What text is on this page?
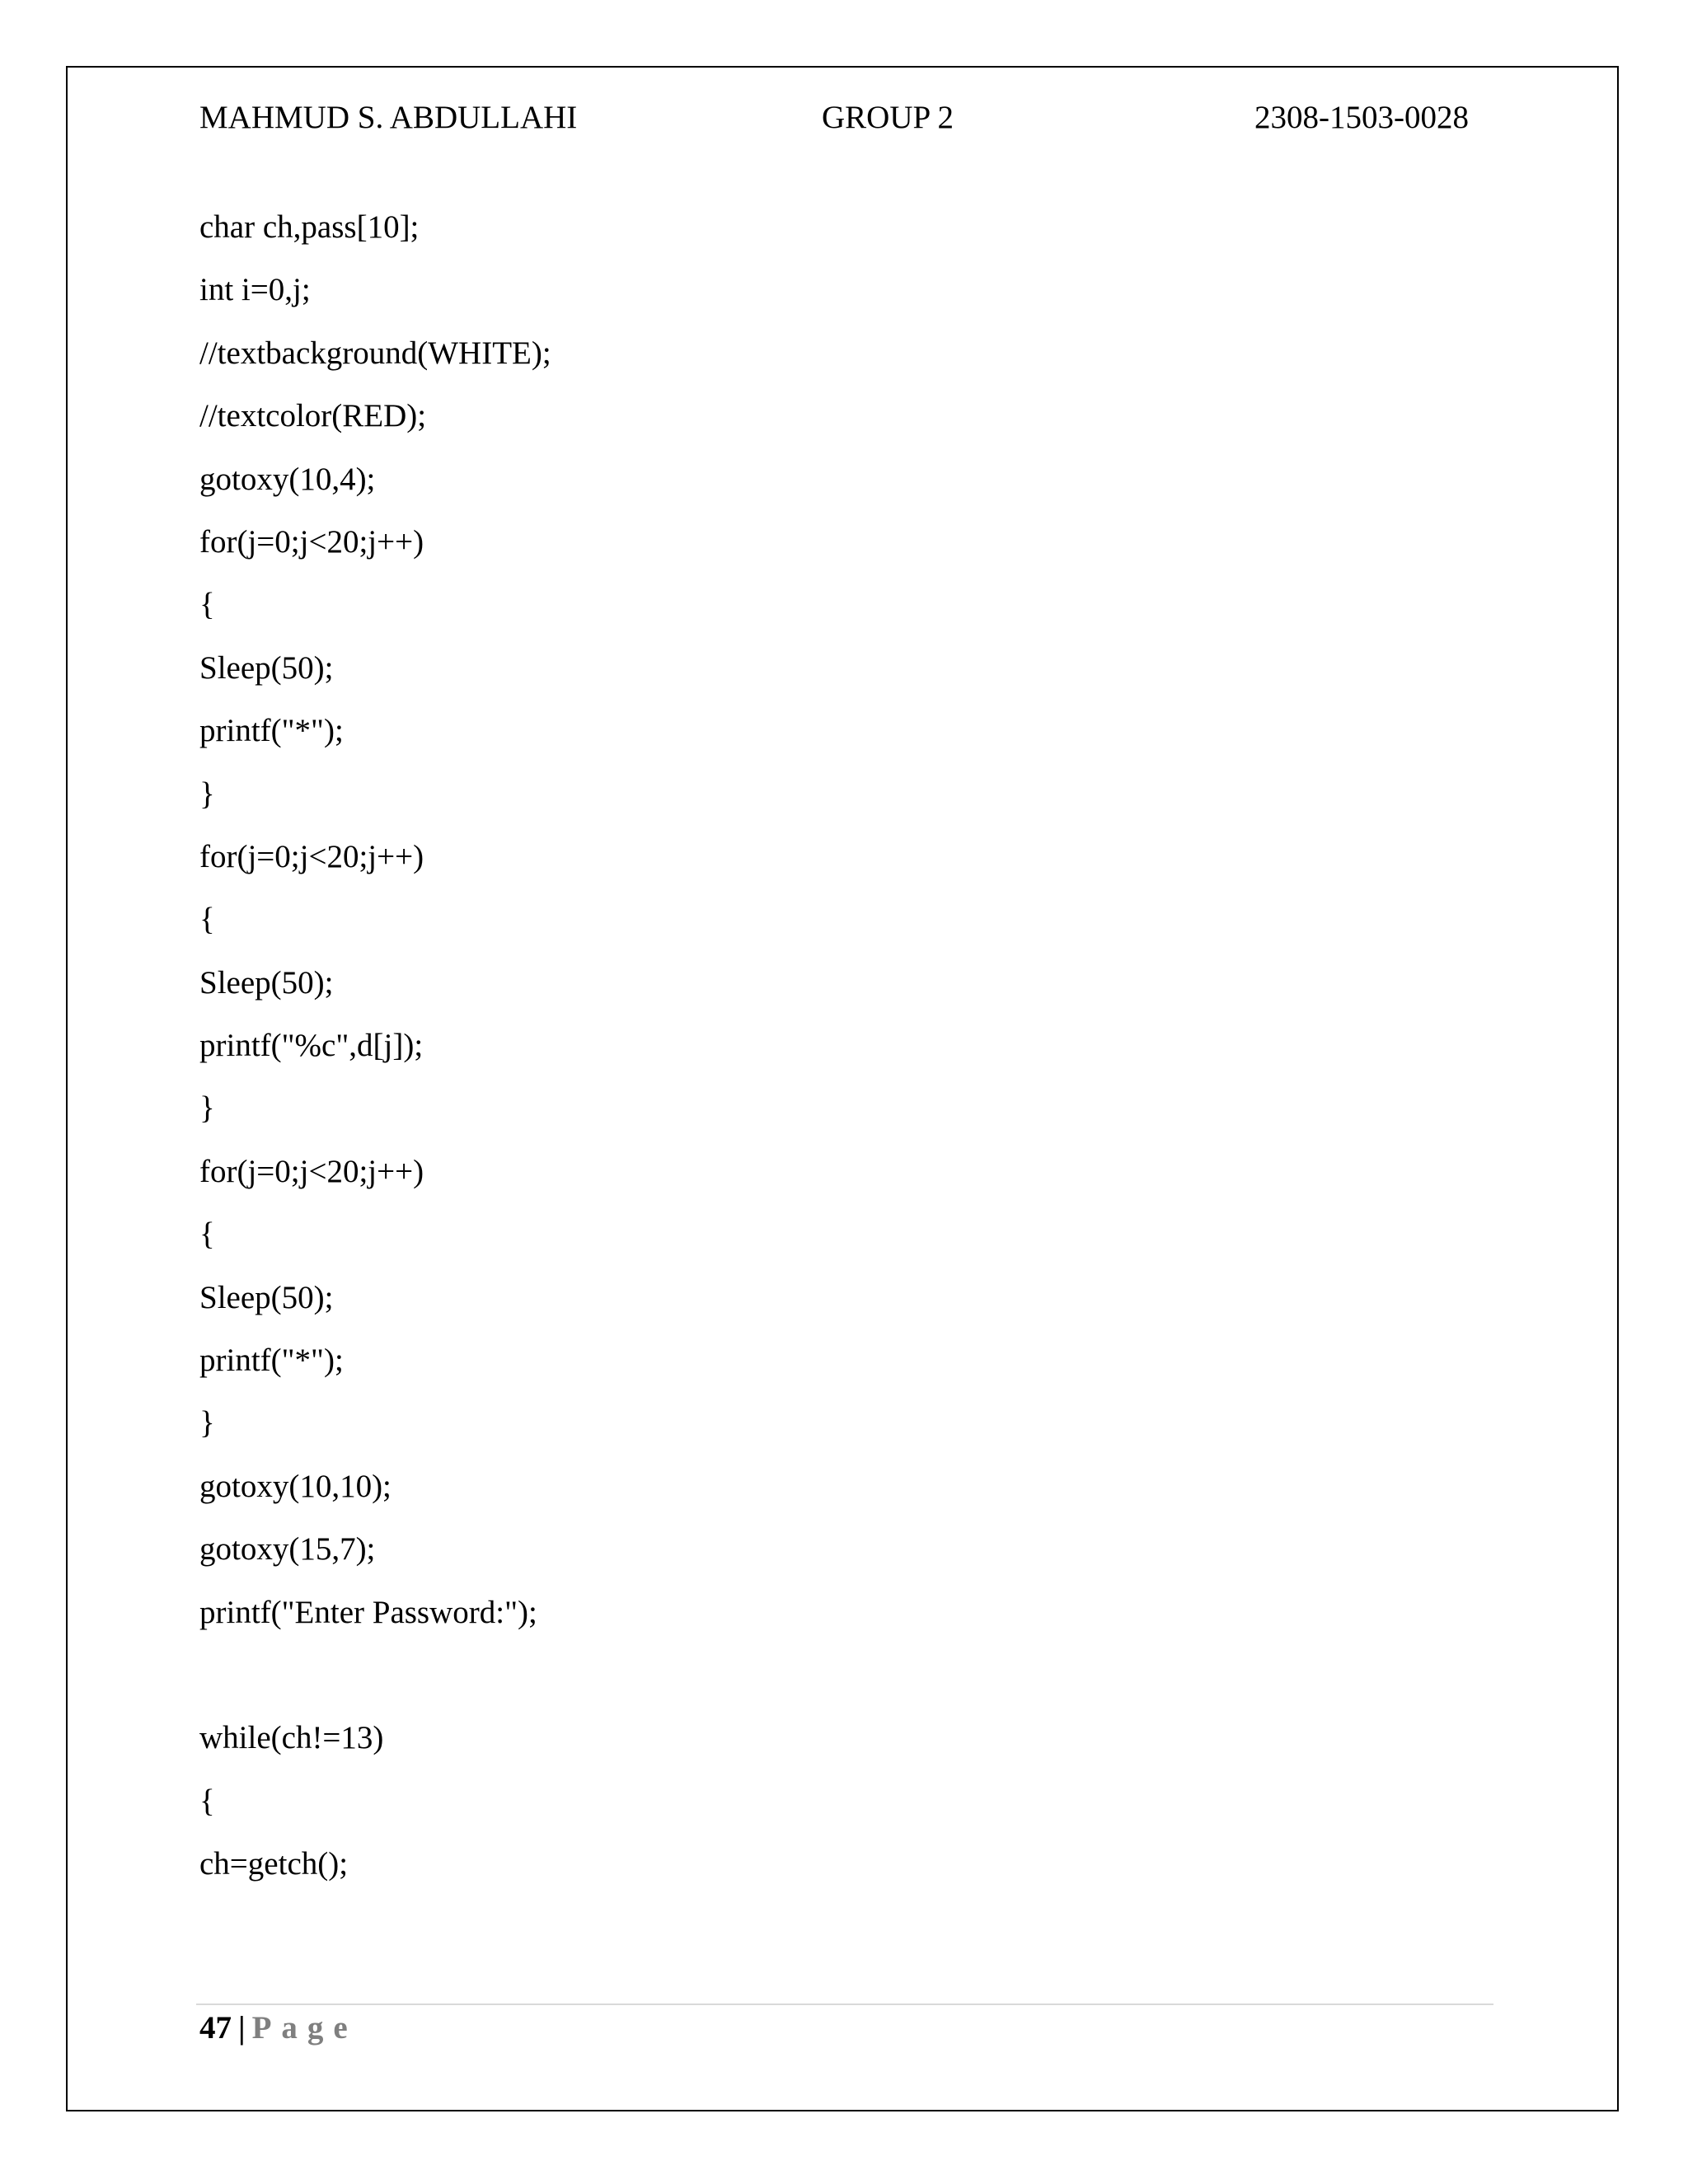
MAHMUD S. ABDULLAHI	GROUP 2	2308-1503-0028
char ch,pass[10];
int i=0,j;
//textbackground(WHITE);
//textcolor(RED);
gotoxy(10,4);
for(j=0;j<20;j++)
{
Sleep(50);
printf("*");
}
for(j=0;j<20;j++)
{
Sleep(50);
printf("%c",d[j]);
}
for(j=0;j<20;j++)
{
Sleep(50);
printf("*");
}
gotoxy(10,10);
gotoxy(15,7);
printf("Enter Password:");
while(ch!=13)
{
ch=getch();
47 | Page
